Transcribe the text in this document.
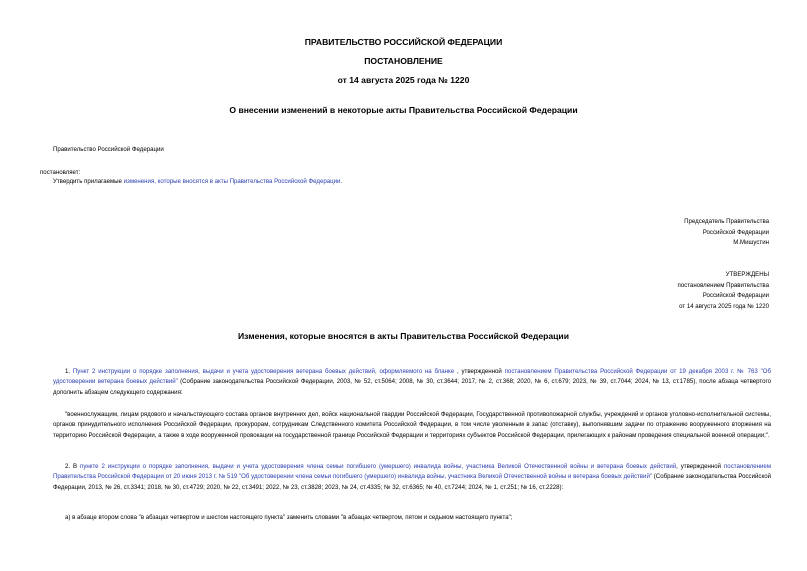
ПРАВИТЕЛЬСТВО РОССИЙСКОЙ ФЕДЕРАЦИИ
ПОСТАНОВЛЕНИЕ
от 14 августа 2025 года № 1220
О внесении изменений в некоторые акты Правительства Российской Федерации
Правительство Российской Федерации
постановляет:
Утвердить прилагаемые изменения, которые вносятся в акты Правительства Российской Федерации.
Председатель Правительства
Российской Федерации
М.Мишустин
УТВЕРЖДЕНЫ
постановлением Правительства
Российской Федерации
от 14 августа 2025 года № 1220
Изменения, которые вносятся в акты Правительства Российской Федерации
1. Пункт 2 инструкции о порядке заполнения, выдачи и учета удостоверения ветерана боевых действий, оформляемого на бланке , утвержденной постановлением Правительства Российской Федерации от 19 декабря 2003 г. № 763 "Об удостоверении ветерана боевых действий" (Собрание законодательства Российской Федерации, 2003, № 52, ст.5064; 2008, № 30, ст.3644; 2017, № 2, ст.368; 2020, № 6, ст.679; 2023, № 39, ст.7044; 2024, № 13, ст.1785), после абзаца четвертого дополнить абзацем следующего содержания:
"военнослужащим, лицам рядового и начальствующего состава органов внутренних дел, войск национальной гвардии Российской Федерации, Государственной противопожарной службы, учреждений и органов уголовно-исполнительной системы, органов принудительного исполнения Российской Федерации, прокурорам, сотрудникам Следственного комитета Российской Федерации, в том числе уволенным в запас (отставку), выполнявшим задачи по отражению вооруженного вторжения на территорию Российской Федерации, а также в ходе вооруженной провокации на государственной границе Российской Федерации и территориях субъектов Российской Федерации, прилегающих к районам проведения специальной военной операции;".
2. В пункте 2 инструкции о порядке заполнения, выдачи и учета удостоверения члена семьи погибшего (умершего) инвалида войны, участника Великой Отечественной войны и ветерана боевых действий, утвержденной постановлением Правительства Российской Федерации от 20 июня 2013 г. № 519 "Об удостоверении члена семьи погибшего (умершего) инвалида войны, участника Великой Отечественной войны и ветерана боевых действий" (Собрание законодательства Российской Федерации, 2013, № 26, ст.3341; 2018, № 30, ст.4729; 2020, № 22, ст.3491; 2022, № 23, ст.3828; 2023, № 24, ст.4335; № 32, ст.6365; № 40, ст.7244; 2024, № 1, ст.251; № 16, ст.2228):
а) в абзаце втором слова "в абзацах четвертом и шестом настоящего пункта" заменить словами "в абзацах четвертом, пятом и седьмом настоящего пункта";
